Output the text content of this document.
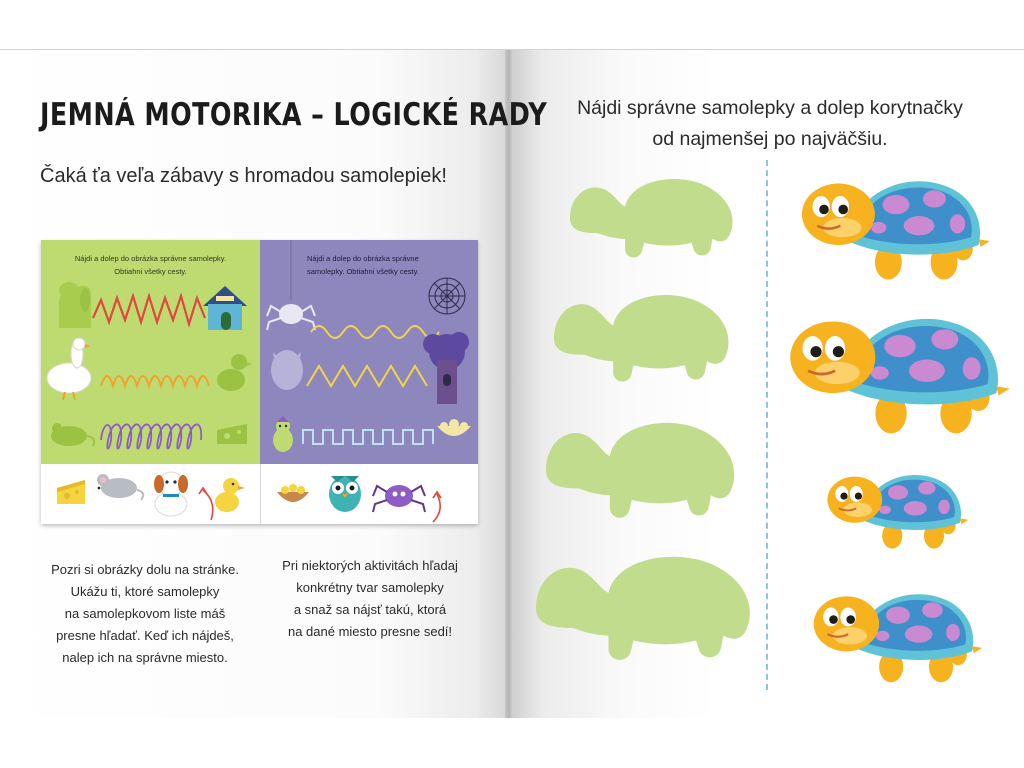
JEMNÁ MOTORIKA – LOGICKÉ RADY
Čaká ťa veľa zábavy s hromadou samolepiek!
Nájdi a dolep do obrázka správne samolepky.
Obtiahni všetky cesty.
Nájdi a dolep do obrázka správne
samolepky. Obtiahni všetky cesty.
Pozri si obrázky dolu na stránke.
Ukážu ti, ktoré samolepky
na samolepkovom liste máš
presne hľadať. Keď ich nájdeš,
nalep ich na správne miesto.
Pri niektorých aktivitách hľadaj
konkrétny tvar samolepky
a snaž sa nájsť takú, ktorá
na dané miesto presne sedí!
Nájdi správne samolepky a dolep korytnačky
od najmenšej po najväčšiu.
